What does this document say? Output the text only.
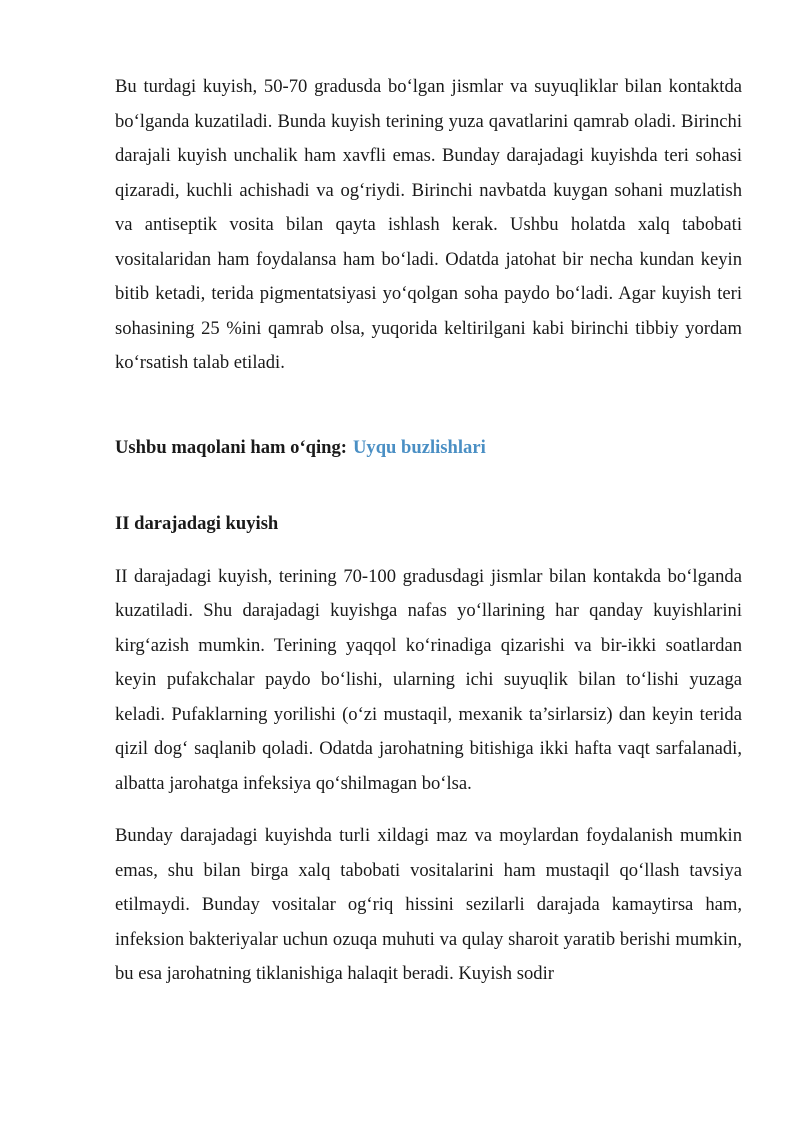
Bu turdagi kuyish, 50-70 gradusda bo‘lgan jismlar va suyuqliklar bilan kontaktda bo‘lganda kuzatiladi. Bunda kuyish terining yuza qavatlarini qamrab oladi. Birinchi darajali kuyish unchalik ham xavfli emas. Bunday darajadagi kuyishda teri sohasi qizaradi, kuchli achishadi va og‘riydi. Birinchi navbatda kuygan sohani muzlatish va antiseptik vosita bilan qayta ishlash kerak. Ushbu holatda xalq tabobati vositalaridan ham foydalansa ham bo‘ladi. Odatda jatohat bir necha kundan keyin bitib ketadi, terida pigmentatsiyasi yo‘qolgan soha paydo bo‘ladi. Agar kuyish teri sohasining 25 %ini qamrab olsa, yuqorida keltirilgani kabi birinchi tibbiy yordam ko‘rsatish talab etiladi.

Ushbu maqolani ham o‘qing: Uyqu buzlishlari

II darajadagi kuyish

II darajadagi kuyish, terining 70-100 gradusdagi jismlar bilan kontakda bo‘lganda kuzatiladi. Shu darajadagi kuyishga nafas yo‘llarining har qanday kuyishlarini kirg‘azish mumkin. Terining yaqqol ko‘rinadiga qizarishi va bir-ikki soatlardan keyin pufakchalar paydo bo‘lishi, ularning ichi suyuqlik bilan to‘lishi yuzaga keladi. Pufaklarning yorilishi (o‘zi mustaqil, mexanik ta’sirlarsiz) dan keyin terida qizil dog‘ saqlanib qoladi. Odatda jarohatning bitishiga ikki hafta vaqt sarfalanadi, albatta jarohatga infeksiya qo‘shilmagan bo‘lsa.

Bunday darajadagi kuyishda turli xildagi maz va moylardan foydalanish mumkin emas, shu bilan birga xalq tabobati vositalarini ham mustaqil qo‘llash tavsiya etilmaydi. Bunday vositalar og‘riq hissini sezilarli darajada kamaytirsa ham, infeksion bakteriyalar uchun ozuqa muhuti va qulay sharoit yaratib berishi mumkin, bu esa jarohatning tiklanishiga halaqit beradi. Kuyish sodir
